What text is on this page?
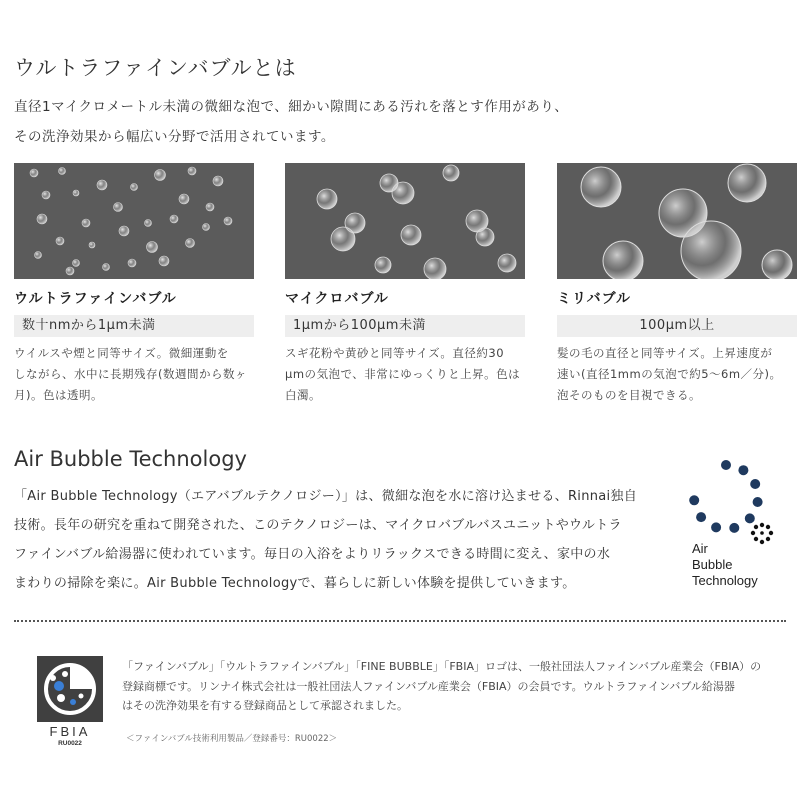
ウルトラファインバブルとは
直径1マイクロメートル未満の微細な泡で、細かい隙間にある汚れを落とす作用があり、
その洗浄効果から幅広い分野で活用されています。
ウルトラファインバブル
数十nmから1μm未満
ウイルスや煙と同等サイズ。微細運動を
しながら、水中に長期残存(数週間から数ヶ
月)。色は透明。
マイクロバブル
1μmから100μm未満
スギ花粉や黄砂と同等サイズ。直径約30
μmの気泡で、非常にゆっくりと上昇。色は
白濁。
ミリバブル
100μm以上
髪の毛の直径と同等サイズ。上昇速度が
速い(直径1mmの気泡で約5～6m／分)。
泡そのものを目視できる。
Air Bubble Technology
「Air Bubble Technology（エアバブルテクノロジー）」は、微細な泡を水に溶け込ませる、Rinnai独自
技術。長年の研究を重ねて開発された、このテクノロジーは、マイクロバブルバスユニットやウルトラ
ファインバブル給湯器に使われています。毎日の入浴をよりリラックスできる時間に変え、家中の水
まわりの掃除を楽に。Air Bubble Technologyで、暮らしに新しい体験を提供していきます。
Air
Bubble
Technology
FBIA
RU0022
「ファインバブル」「ウルトラファインバブル」「FINE BUBBLE」「FBIA」ロゴは、一般社団法人ファインバブル産業会（FBIA）の
登録商標です。リンナイ株式会社は一般社団法人ファインバブル産業会（FBIA）の会員です。ウルトラファインバブル給湯器
はその洗浄効果を有する登録商品として承認されました。
＜ファインバブル技術利用製品／登録番号：RU0022＞
